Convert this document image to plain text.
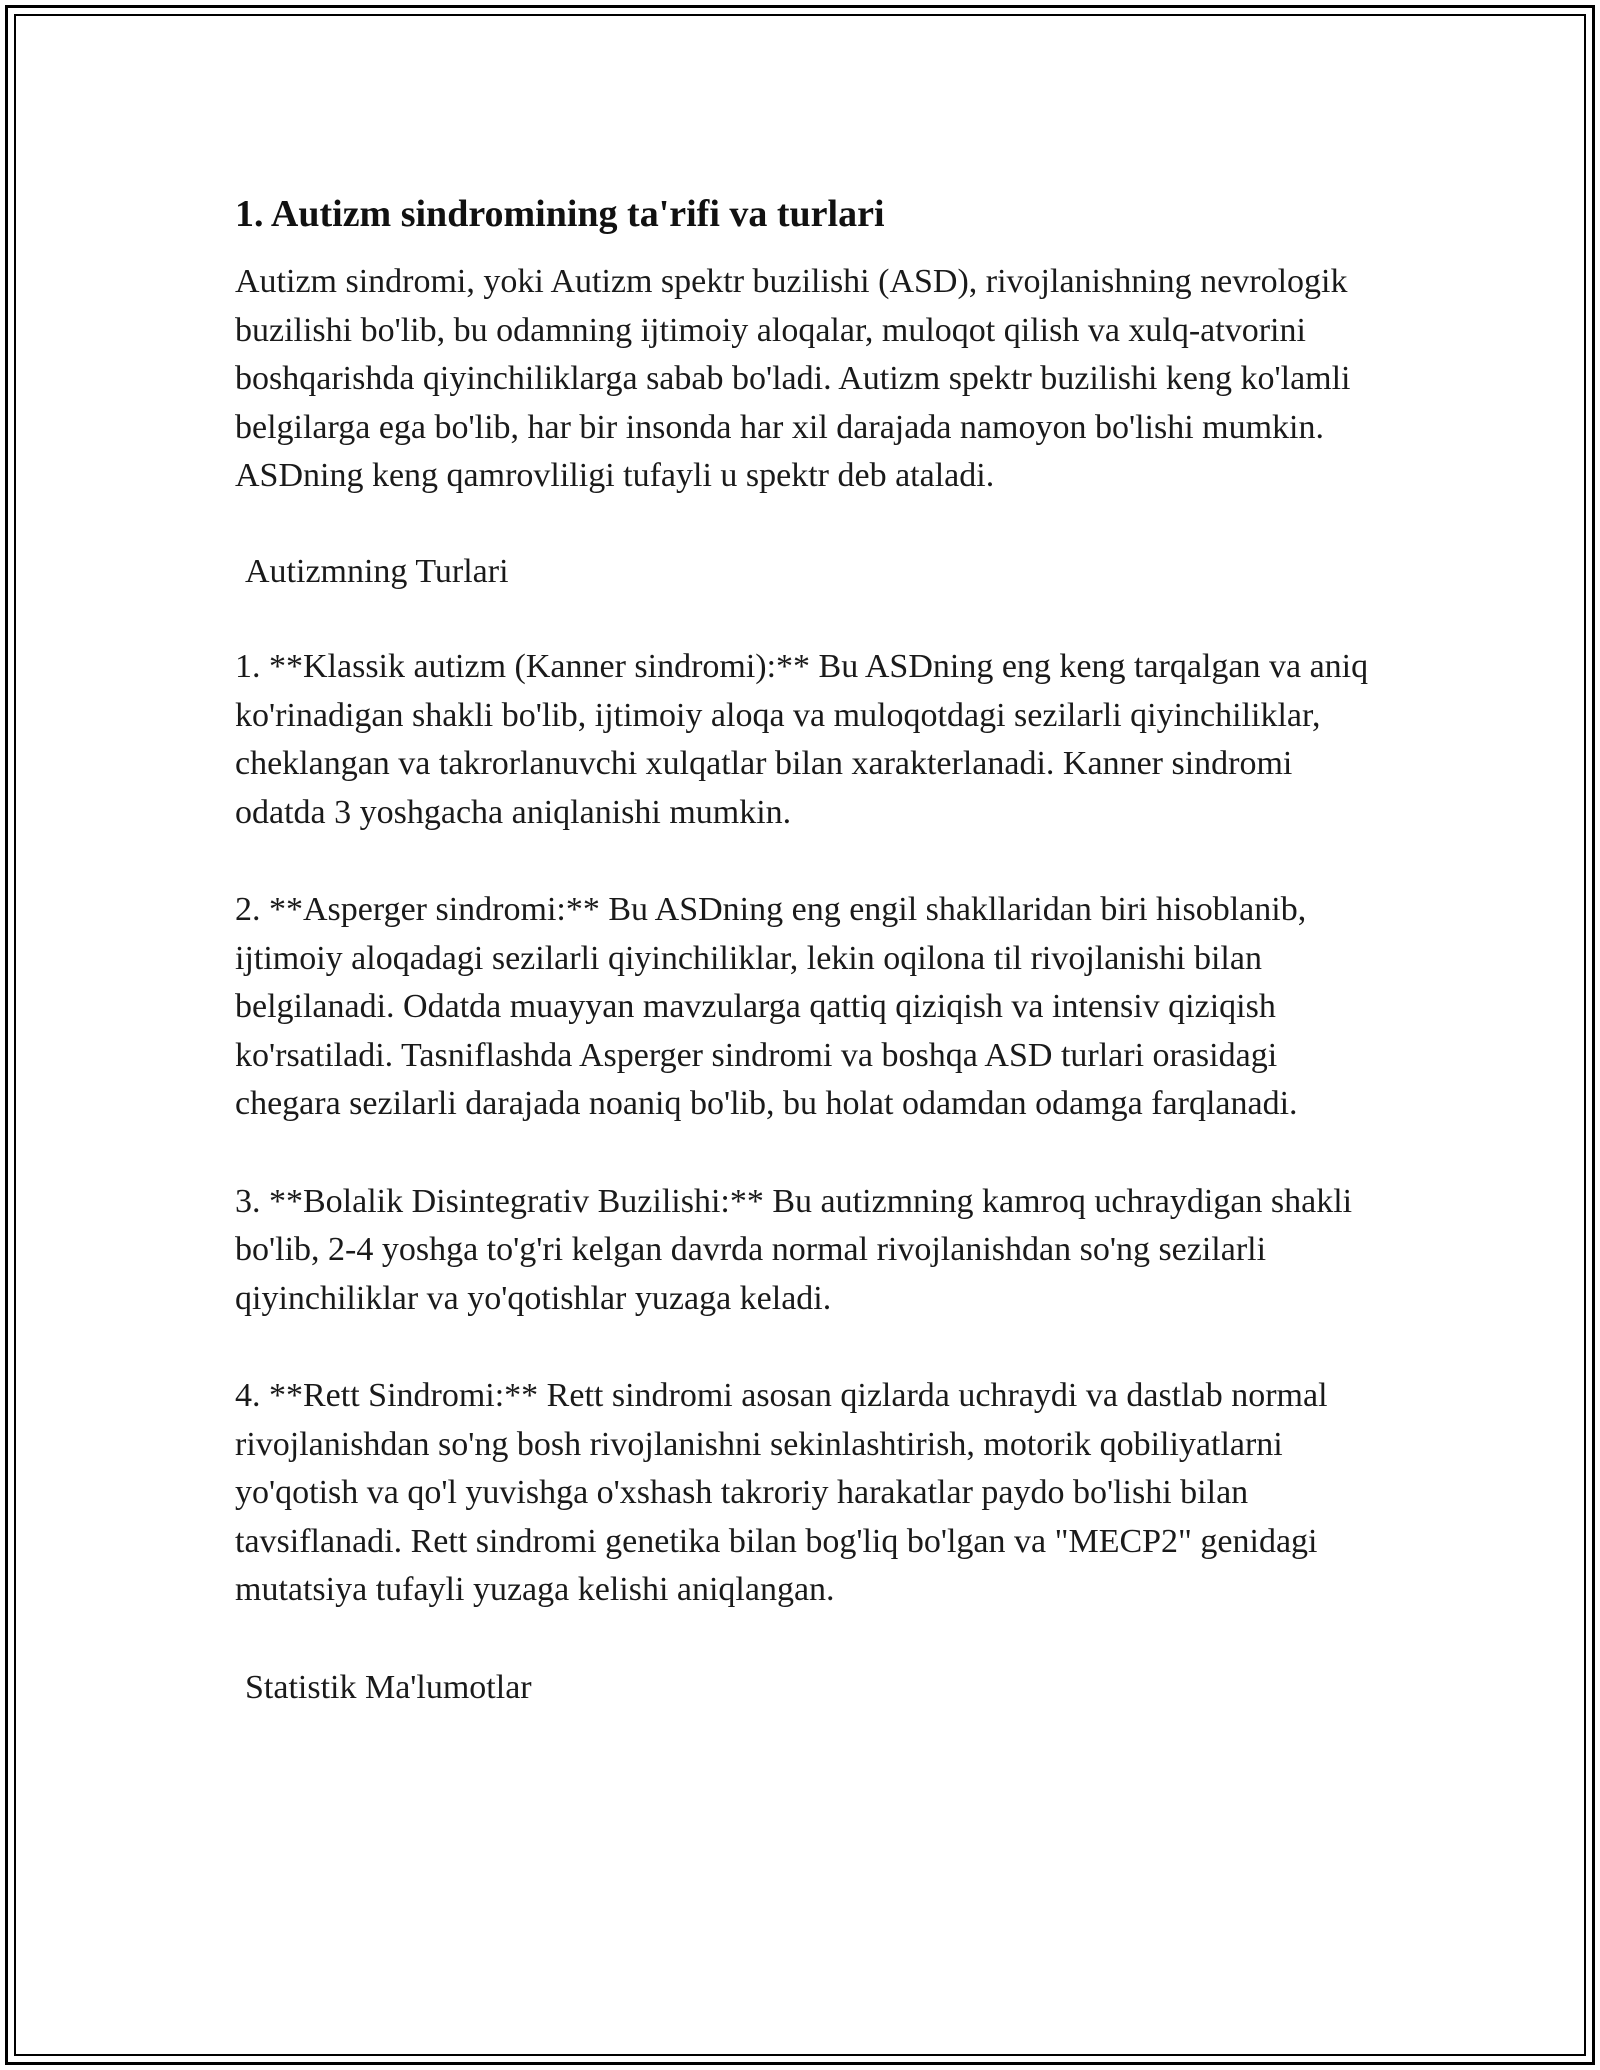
1. Autizm sindromining ta'rifi va turlari

Autizm sindromi, yoki Autizm spektr buzilishi (ASD), rivojlanishning nevrologik buzilishi bo'lib, bu odamning ijtimoiy aloqalar, muloqot qilish va xulq-atvorini boshqarishda qiyinchiliklarga sabab bo'ladi. Autizm spektr buzilishi keng ko'lamli belgilarga ega bo'lib, har bir insonda har xil darajada namoyon bo'lishi mumkin. ASDning keng qamrovliligi tufayli u spektr deb ataladi.

Autizmning Turlari

1. **Klassik autizm (Kanner sindromi):** Bu ASDning eng keng tarqalgan va aniq ko'rinadigan shakli bo'lib, ijtimoiy aloqa va muloqotdagi sezilarli qiyinchiliklar, cheklangan va takrorlanuvchi xulqatlar bilan xarakterlanadi. Kanner sindromi odatda 3 yoshgacha aniqlanishi mumkin.

2. **Asperger sindromi:** Bu ASDning eng engil shakllaridan biri hisoblanib, ijtimoiy aloqadagi sezilarli qiyinchiliklar, lekin oqilona til rivojlanishi bilan belgilanadi. Odatda muayyan mavzularga qattiq qiziqish va intensiv qiziqish ko'rsatiladi. Tasniflashda Asperger sindromi va boshqa ASD turlari orasidagi chegara sezilarli darajada noaniq bo'lib, bu holat odamdan odamga farqlanadi.

3. **Bolalik Disintegrativ Buzilishi:** Bu autizmning kamroq uchraydigan shakli bo'lib, 2-4 yoshga to'g'ri kelgan davrda normal rivojlanishdan so'ng sezilarli qiyinchiliklar va yo'qotishlar yuzaga keladi.

4. **Rett Sindromi:** Rett sindromi asosan qizlarda uchraydi va dastlab normal rivojlanishdan so'ng bosh rivojlanishni sekinlashtirish, motorik qobiliyatlarni yo'qotish va qo'l yuvishga o'xshash takroriy harakatlar paydo bo'lishi bilan tavsiflanadi. Rett sindromi genetika bilan bog'liq bo'lgan va "MECP2" genidagi mutatsiya tufayli yuzaga kelishi aniqlangan.

Statistik Ma'lumotlar
